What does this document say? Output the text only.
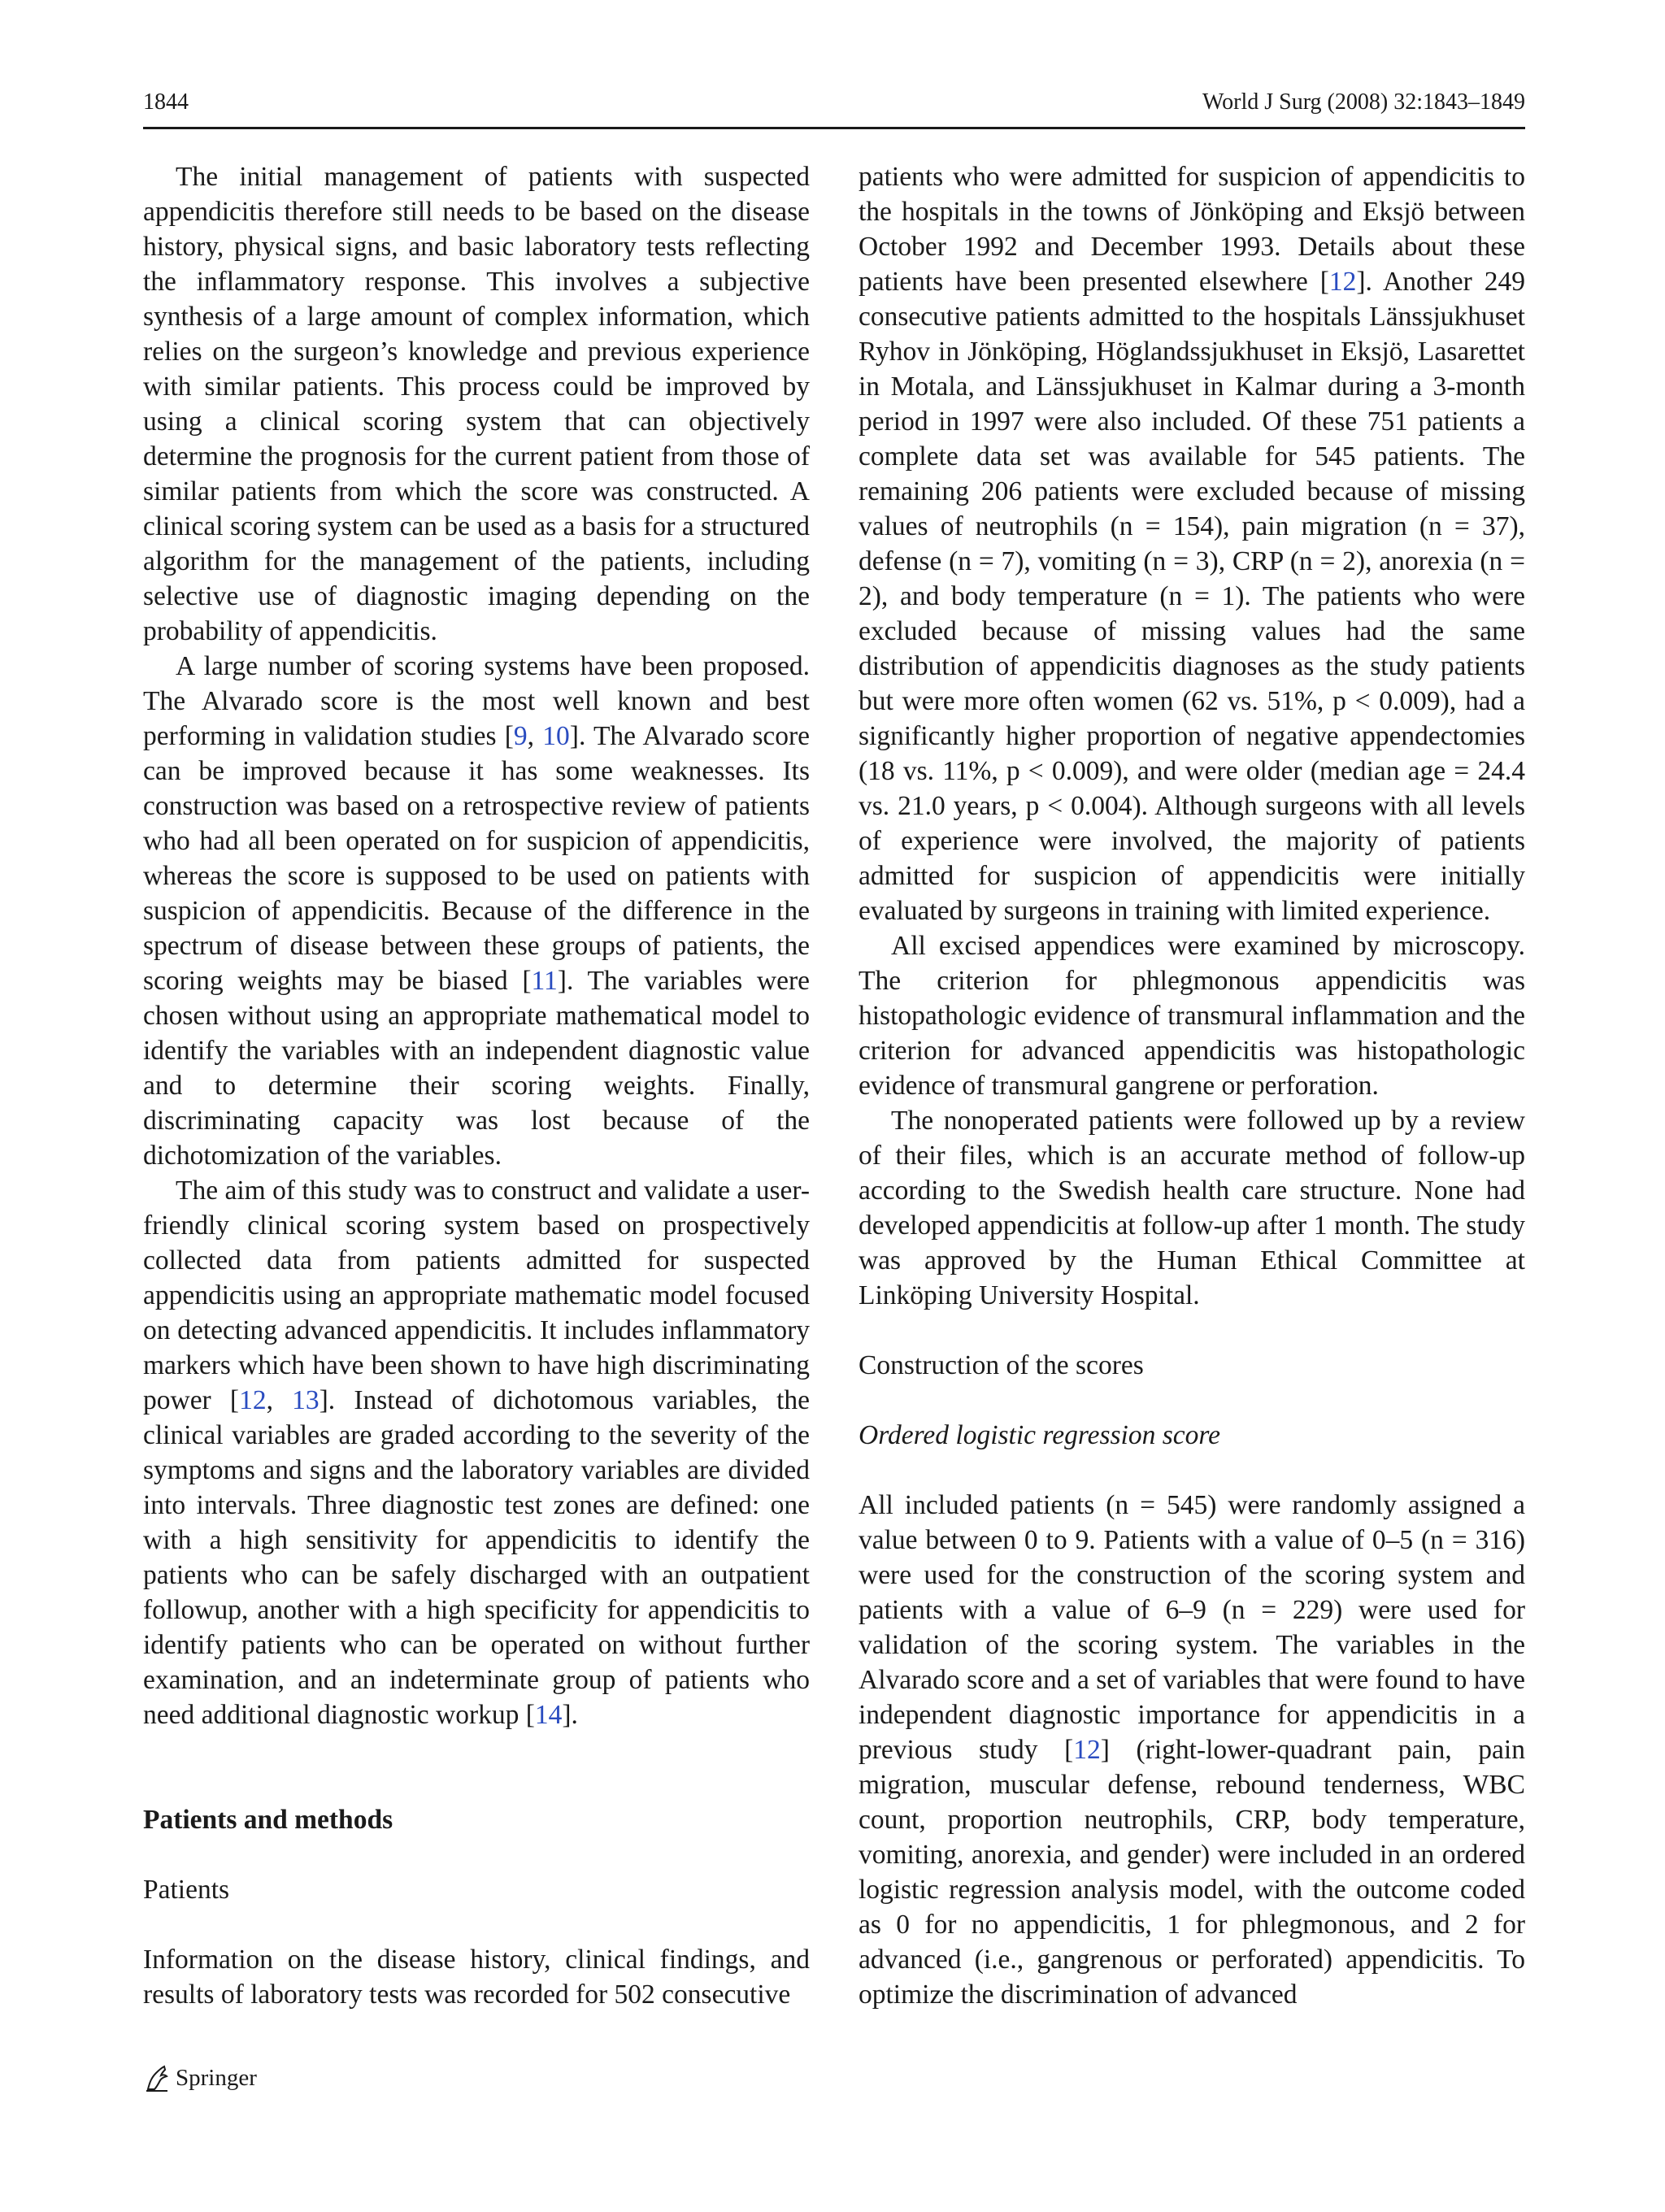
1844	World J Surg (2008) 32:1843–1849

The initial management of patients with suspected appendicitis therefore still needs to be based on the disease history, physical signs, and basic laboratory tests reflecting the inflammatory response. This involves a subjective synthesis of a large amount of complex information, which relies on the surgeon’s knowledge and previous experience with similar patients. This process could be improved by using a clinical scoring system that can objectively determine the prognosis for the current patient from those of similar patients from which the score was constructed. A clinical scoring system can be used as a basis for a structured algorithm for the management of the patients, including selective use of diagnostic imaging depending on the probability of appendicitis.

A large number of scoring systems have been proposed. The Alvarado score is the most well known and best performing in validation studies [9, 10]. The Alvarado score can be improved because it has some weaknesses. Its construction was based on a retrospective review of patients who had all been operated on for suspicion of appendicitis, whereas the score is supposed to be used on patients with suspicion of appendicitis. Because of the difference in the spectrum of disease between these groups of patients, the scoring weights may be biased [11]. The variables were chosen without using an appropriate mathematical model to identify the variables with an independent diagnostic value and to determine their scoring weights. Finally, discriminating capacity was lost because of the dichotomization of the variables.

The aim of this study was to construct and validate a user-friendly clinical scoring system based on prospectively collected data from patients admitted for suspected appendicitis using an appropriate mathematic model focused on detecting advanced appendicitis. It includes inflammatory markers which have been shown to have high discriminating power [12, 13]. Instead of dichotomous variables, the clinical variables are graded according to the severity of the symptoms and signs and the laboratory variables are divided into intervals. Three diagnostic test zones are defined: one with a high sensitivity for appendicitis to identify the patients who can be safely discharged with an outpatient followup, another with a high specificity for appendicitis to identify patients who can be operated on without further examination, and an indeterminate group of patients who need additional diagnostic workup [14].

Patients and methods
Patients

Information on the disease history, clinical findings, and results of laboratory tests was recorded for 502 consecutive

patients who were admitted for suspicion of appendicitis to the hospitals in the towns of Jönköping and Eksjö between October 1992 and December 1993. Details about these patients have been presented elsewhere [12]. Another 249 consecutive patients admitted to the hospitals Länssjukhuset Ryhov in Jönköping, Höglandssjukhuset in Eksjö, Lasarettet in Motala, and Länssjukhuset in Kalmar during a 3-month period in 1997 were also included. Of these 751 patients a complete data set was available for 545 patients. The remaining 206 patients were excluded because of missing values of neutrophils (n = 154), pain migration (n = 37), defense (n = 7), vomiting (n = 3), CRP (n = 2), anorexia (n = 2), and body temperature (n = 1). The patients who were excluded because of missing values had the same distribution of appendicitis diagnoses as the study patients but were more often women (62 vs. 51%, p < 0.009), had a significantly higher proportion of negative appendectomies (18 vs. 11%, p < 0.009), and were older (median age = 24.4 vs. 21.0 years, p < 0.004). Although surgeons with all levels of experience were involved, the majority of patients admitted for suspicion of appendicitis were initially evaluated by surgeons in training with limited experience.

All excised appendices were examined by microscopy. The criterion for phlegmonous appendicitis was histopathologic evidence of transmural inflammation and the criterion for advanced appendicitis was histopathologic evidence of transmural gangrene or perforation.

The nonoperated patients were followed up by a review of their files, which is an accurate method of follow-up according to the Swedish health care structure. None had developed appendicitis at follow-up after 1 month. The study was approved by the Human Ethical Committee at Linköping University Hospital.

Construction of the scores
Ordered logistic regression score

All included patients (n = 545) were randomly assigned a value between 0 to 9. Patients with a value of 0–5 (n = 316) were used for the construction of the scoring system and patients with a value of 6–9 (n = 229) were used for validation of the scoring system. The variables in the Alvarado score and a set of variables that were found to have independent diagnostic importance for appendicitis in a previous study [12] (right-lower-quadrant pain, pain migration, muscular defense, rebound tenderness, WBC count, proportion neutrophils, CRP, body temperature, vomiting, anorexia, and gender) were included in an ordered logistic regression analysis model, with the outcome coded as 0 for no appendicitis, 1 for phlegmonous, and 2 for advanced (i.e., gangrenous or perforated) appendicitis. To optimize the discrimination of advanced

Springer
